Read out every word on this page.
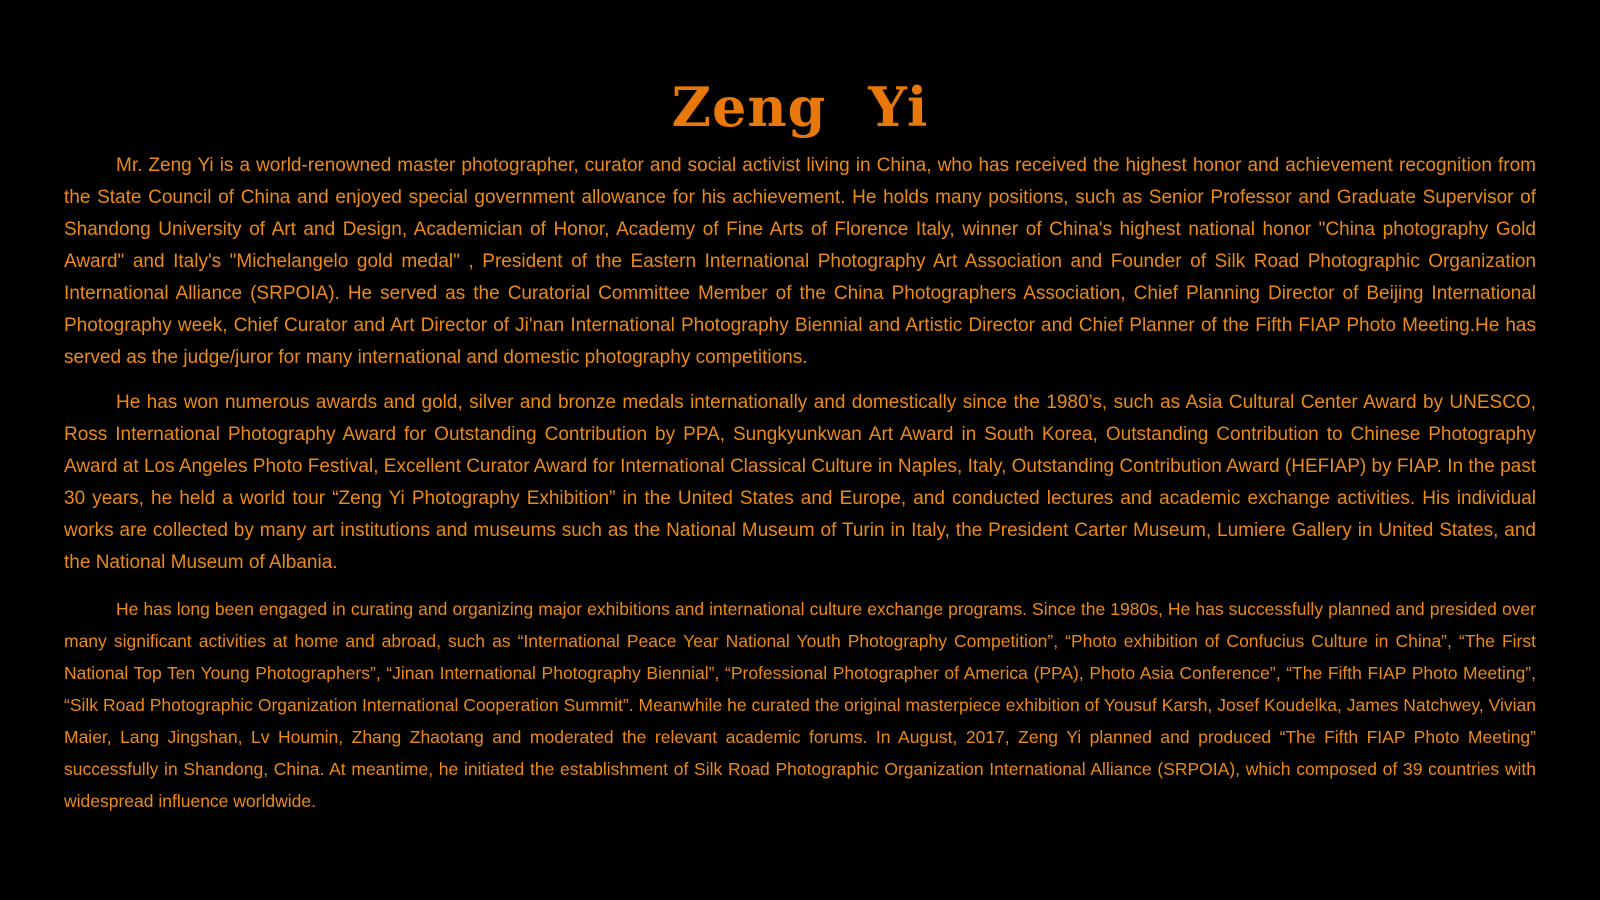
Zeng Yi

Mr. Zeng Yi is a world-renowned master photographer, curator and social activist living in China, who has received the highest honor and achievement recognition from the State Council of China and enjoyed special government allowance for his achievement. He holds many positions, such as Senior Professor and Graduate Supervisor of Shandong University of Art and Design, Academician of Honor, Academy of Fine Arts of Florence Italy, winner of China's highest national honor "China photography Gold Award" and Italy's "Michelangelo gold medal" , President of the Eastern International Photography Art Association and Founder of Silk Road Photographic Organization International Alliance (SRPOIA). He served as the Curatorial Committee Member of the China Photographers Association, Chief Planning Director of Beijing International Photography week, Chief Curator and Art Director of Ji'nan International Photography Biennial and Artistic Director and Chief Planner of the Fifth FIAP Photo Meeting.He has served as the judge/juror for many international and domestic photography competitions.

He has won numerous awards and gold, silver and bronze medals internationally and domestically since the 1980’s, such as Asia Cultural Center Award by UNESCO, Ross International Photography Award for Outstanding Contribution by PPA, Sungkyunkwan Art Award in South Korea, Outstanding Contribution to Chinese Photography Award at Los Angeles Photo Festival, Excellent Curator Award for International Classical Culture in Naples, Italy, Outstanding Contribution Award (HEFIAP) by FIAP. In the past 30 years, he held a world tour “Zeng Yi Photography Exhibition” in the United States and Europe, and conducted lectures and academic exchange activities. His individual works are collected by many art institutions and museums such as the National Museum of Turin in Italy, the President Carter Museum, Lumiere Gallery in United States, and the National Museum of Albania.

He has long been engaged in curating and organizing major exhibitions and international culture exchange programs. Since the 1980s, He has successfully planned and presided over many significant activities at home and abroad, such as “International Peace Year National Youth Photography Competition”, “Photo exhibition of Confucius Culture in China”, “The First National Top Ten Young Photographers”, “Jinan International Photography Biennial”, “Professional Photographer of America (PPA), Photo Asia Conference”, “The Fifth FIAP Photo Meeting”, “Silk Road Photographic Organization International Cooperation Summit”. Meanwhile he curated the original masterpiece exhibition of Yousuf Karsh, Josef Koudelka, James Natchwey, Vivian Maier, Lang Jingshan, Lv Houmin, Zhang Zhaotang and moderated the relevant academic forums. In August, 2017, Zeng Yi planned and produced “The Fifth FIAP Photo Meeting” successfully in Shandong, China. At meantime, he initiated the establishment of Silk Road Photographic Organization International Alliance (SRPOIA), which composed of 39 countries with widespread influence worldwide.
